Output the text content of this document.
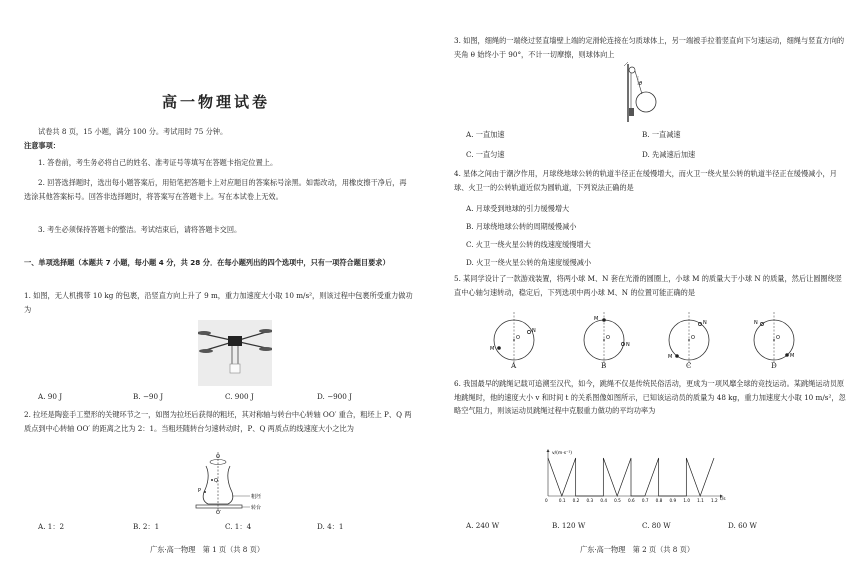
高一物理试卷
试卷共 8 页，15 小题，满分 100 分。考试用时 75 分钟。
注意事项：
1. 答卷前，考生务必将自己的姓名、准考证号等填写在答题卡指定位置上。
2. 回答选择题时，选出每小题答案后，用铅笔把答题卡上对应题目的答案标号涂黑。如需改动，用橡皮擦干净后，再选涂其他答案标号。回答非选择题时，将答案写在答题卡上。写在本试卷上无效。
3. 考生必须保持答题卡的整洁。考试结束后，请将答题卡交回。
一、单项选择题（本题共 7 小题，每小题 4 分，共 28 分．在每小题列出的四个选项中，只有一项符合题目要求）
1. 如图，无人机携带 10 kg 的包裹，沿竖直方向上升了 9 m，重力加速度大小取 10 m/s²，则该过程中包裹所受重力做功为
A. 90 J	B. −90 J	C. 900 J	D. −900 J
2. 拉坯是陶瓷手工塑形的关键环节之一，如图为拉坯后获得的粗坯，其对称轴与转台中心转轴 OO′ 重合，粗坯上 P、Q 两质点到中心转轴 OO′ 的距离之比为 2：1。当粗坯随转台匀速转动时，P、Q 两质点的线速度大小之比为
O
O′
P
Q
粗坯
转台
A. 1：2	B. 2：1	C. 1：4	D. 4：1
广东·高一物理　第 1 页（共 8 页）
3. 如图，细绳的一端绕过竖直墙壁上端的定滑轮连接在匀质球体上，另一端被手拉着竖直向下匀速运动，细绳与竖直方向的夹角 θ 始终小于 90°，不计一切摩擦，则球体向上
θ
A. 一直加速	B. 一直减速
C. 一直匀速	D. 先减速后加速
4. 星体之间由于潮汐作用，月球绕地球公转的轨道半径正在缓慢增大，而火卫一绕火星公转的轨道半径正在缓慢减小，月球、火卫一的公转轨道近似为圆轨道，下列说法正确的是
A. 月球受到地球的引力缓慢增大
B. 月球绕地球公转的周期缓慢减小
C. 火卫一绕火星公转的线速度缓慢增大
D. 火卫一绕火星公转的角速度缓慢减小
5. 某同学设计了一款游戏装置，将两小球 M、N 套在光滑的圆圈上，小球 M 的质量大于小球 N 的质量，然后让圆圈绕竖直中心轴匀速转动，稳定后，下列选项中两小球 M、N 的位置可能正确的是
M
N
O
M
N
O
N
M
O
N
M
O
A	B	C	D
6. 我国最早的跳绳记载可追溯至汉代，如今，跳绳不仅是传统民俗活动，更成为一项风靡全球的竞技运动。某跳绳运动员原地跳绳时，他的速度大小 v 和时间 t 的关系图像如图所示，已知该运动员的质量为 48 kg，重力加速度大小取 10 m/s²，忽略空气阻力，则该运动员跳绳过程中克服重力做功的平均功率为
v/(m·s⁻¹)
t/s
0	0.1 0.2 0.3 0.4 0.5 0.6 0.7 0.8 0.9 1.0 1.1 1.2
A. 240 W	B. 120 W	C. 80 W	D. 60 W
广东·高一物理　第 2 页（共 8 页）
